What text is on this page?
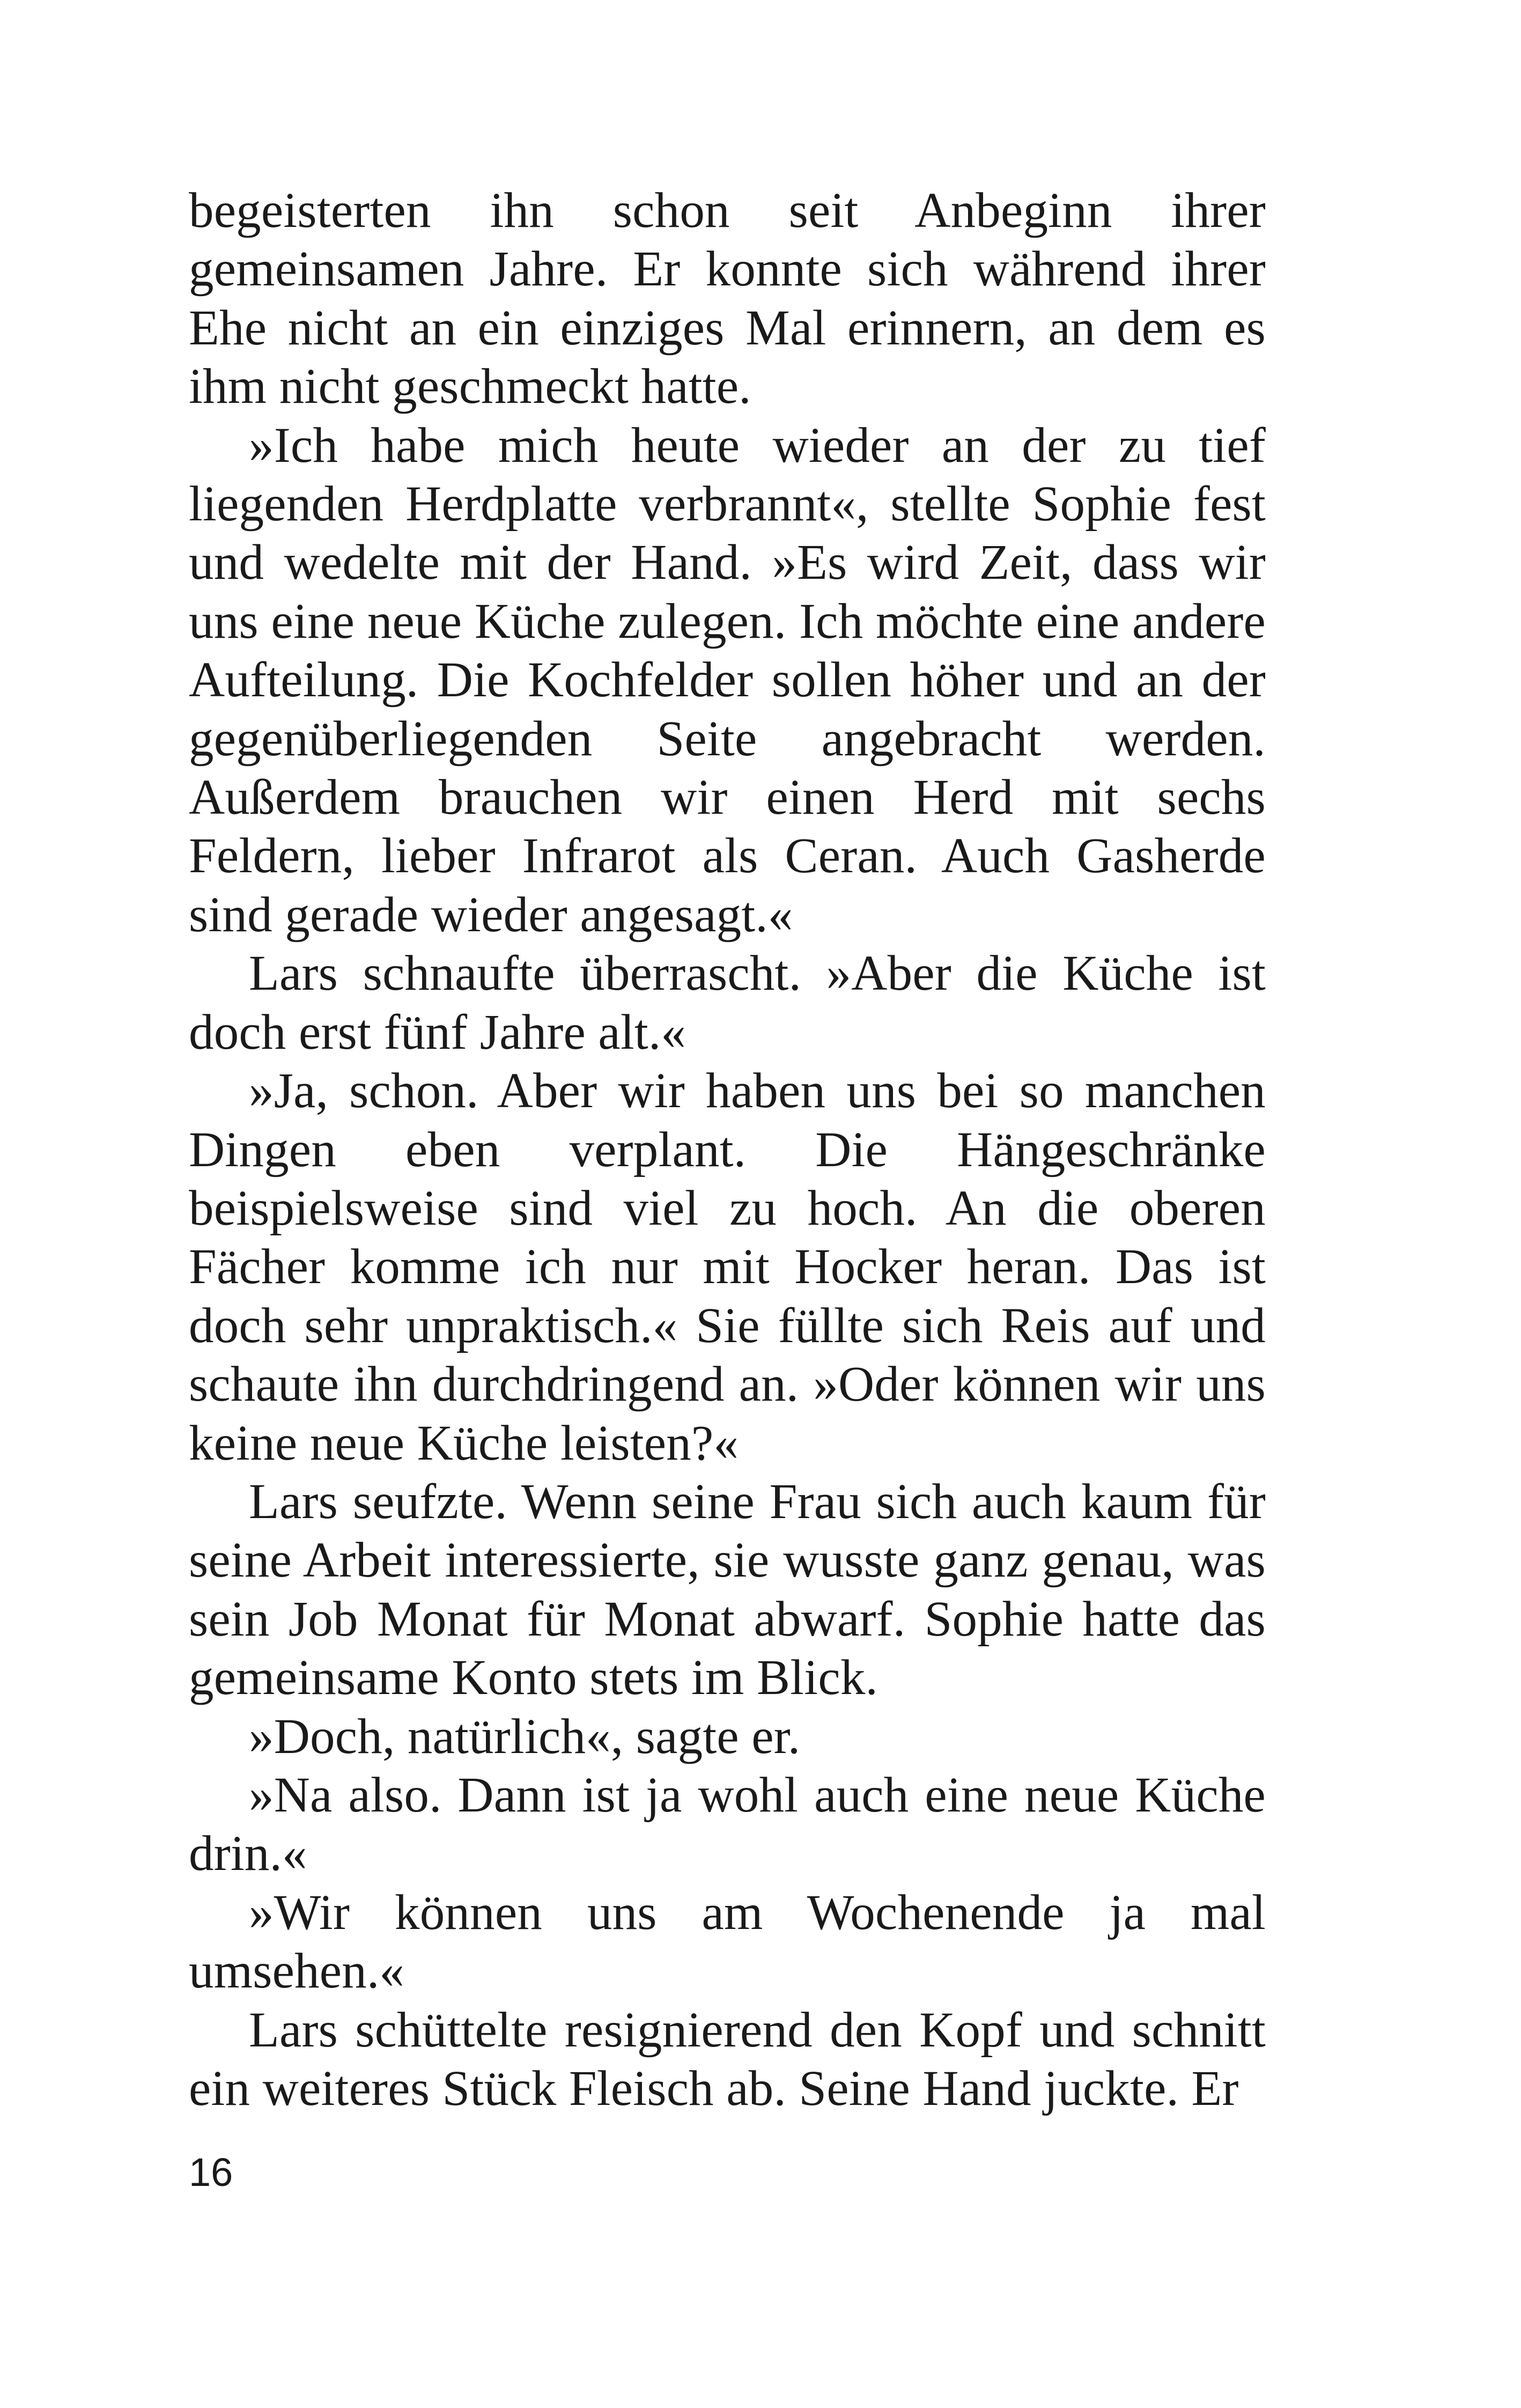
begeisterten ihn schon seit Anbeginn ihrer gemeinsamen Jahre. Er konnte sich während ihrer Ehe nicht an ein einziges Mal erinnern, an dem es ihm nicht geschmeckt hatte.

»Ich habe mich heute wieder an der zu tief liegenden Herdplatte verbrannt«, stellte Sophie fest und wedelte mit der Hand. »Es wird Zeit, dass wir uns eine neue Küche zulegen. Ich möchte eine andere Aufteilung. Die Kochfelder sollen höher und an der gegenüberliegenden Seite angebracht werden. Außerdem brauchen wir einen Herd mit sechs Feldern, lieber Infrarot als Ceran. Auch Gasherde sind gerade wieder angesagt.«

Lars schnaufte überrascht. »Aber die Küche ist doch erst fünf Jahre alt.«

»Ja, schon. Aber wir haben uns bei so manchen Dingen eben verplant. Die Hängeschränke beispielsweise sind viel zu hoch. An die oberen Fächer komme ich nur mit Hocker heran. Das ist doch sehr unpraktisch.« Sie füllte sich Reis auf und schaute ihn durchdringend an. »Oder können wir uns keine neue Küche leisten?«

Lars seufzte. Wenn seine Frau sich auch kaum für seine Arbeit interessierte, sie wusste ganz genau, was sein Job Monat für Monat abwarf. Sophie hatte das gemeinsame Konto stets im Blick.

»Doch, natürlich«, sagte er.

»Na also. Dann ist ja wohl auch eine neue Küche drin.«

»Wir können uns am Wochenende ja mal umsehen.«

Lars schüttelte resignierend den Kopf und schnitt ein weiteres Stück Fleisch ab. Seine Hand juckte. Er

16
